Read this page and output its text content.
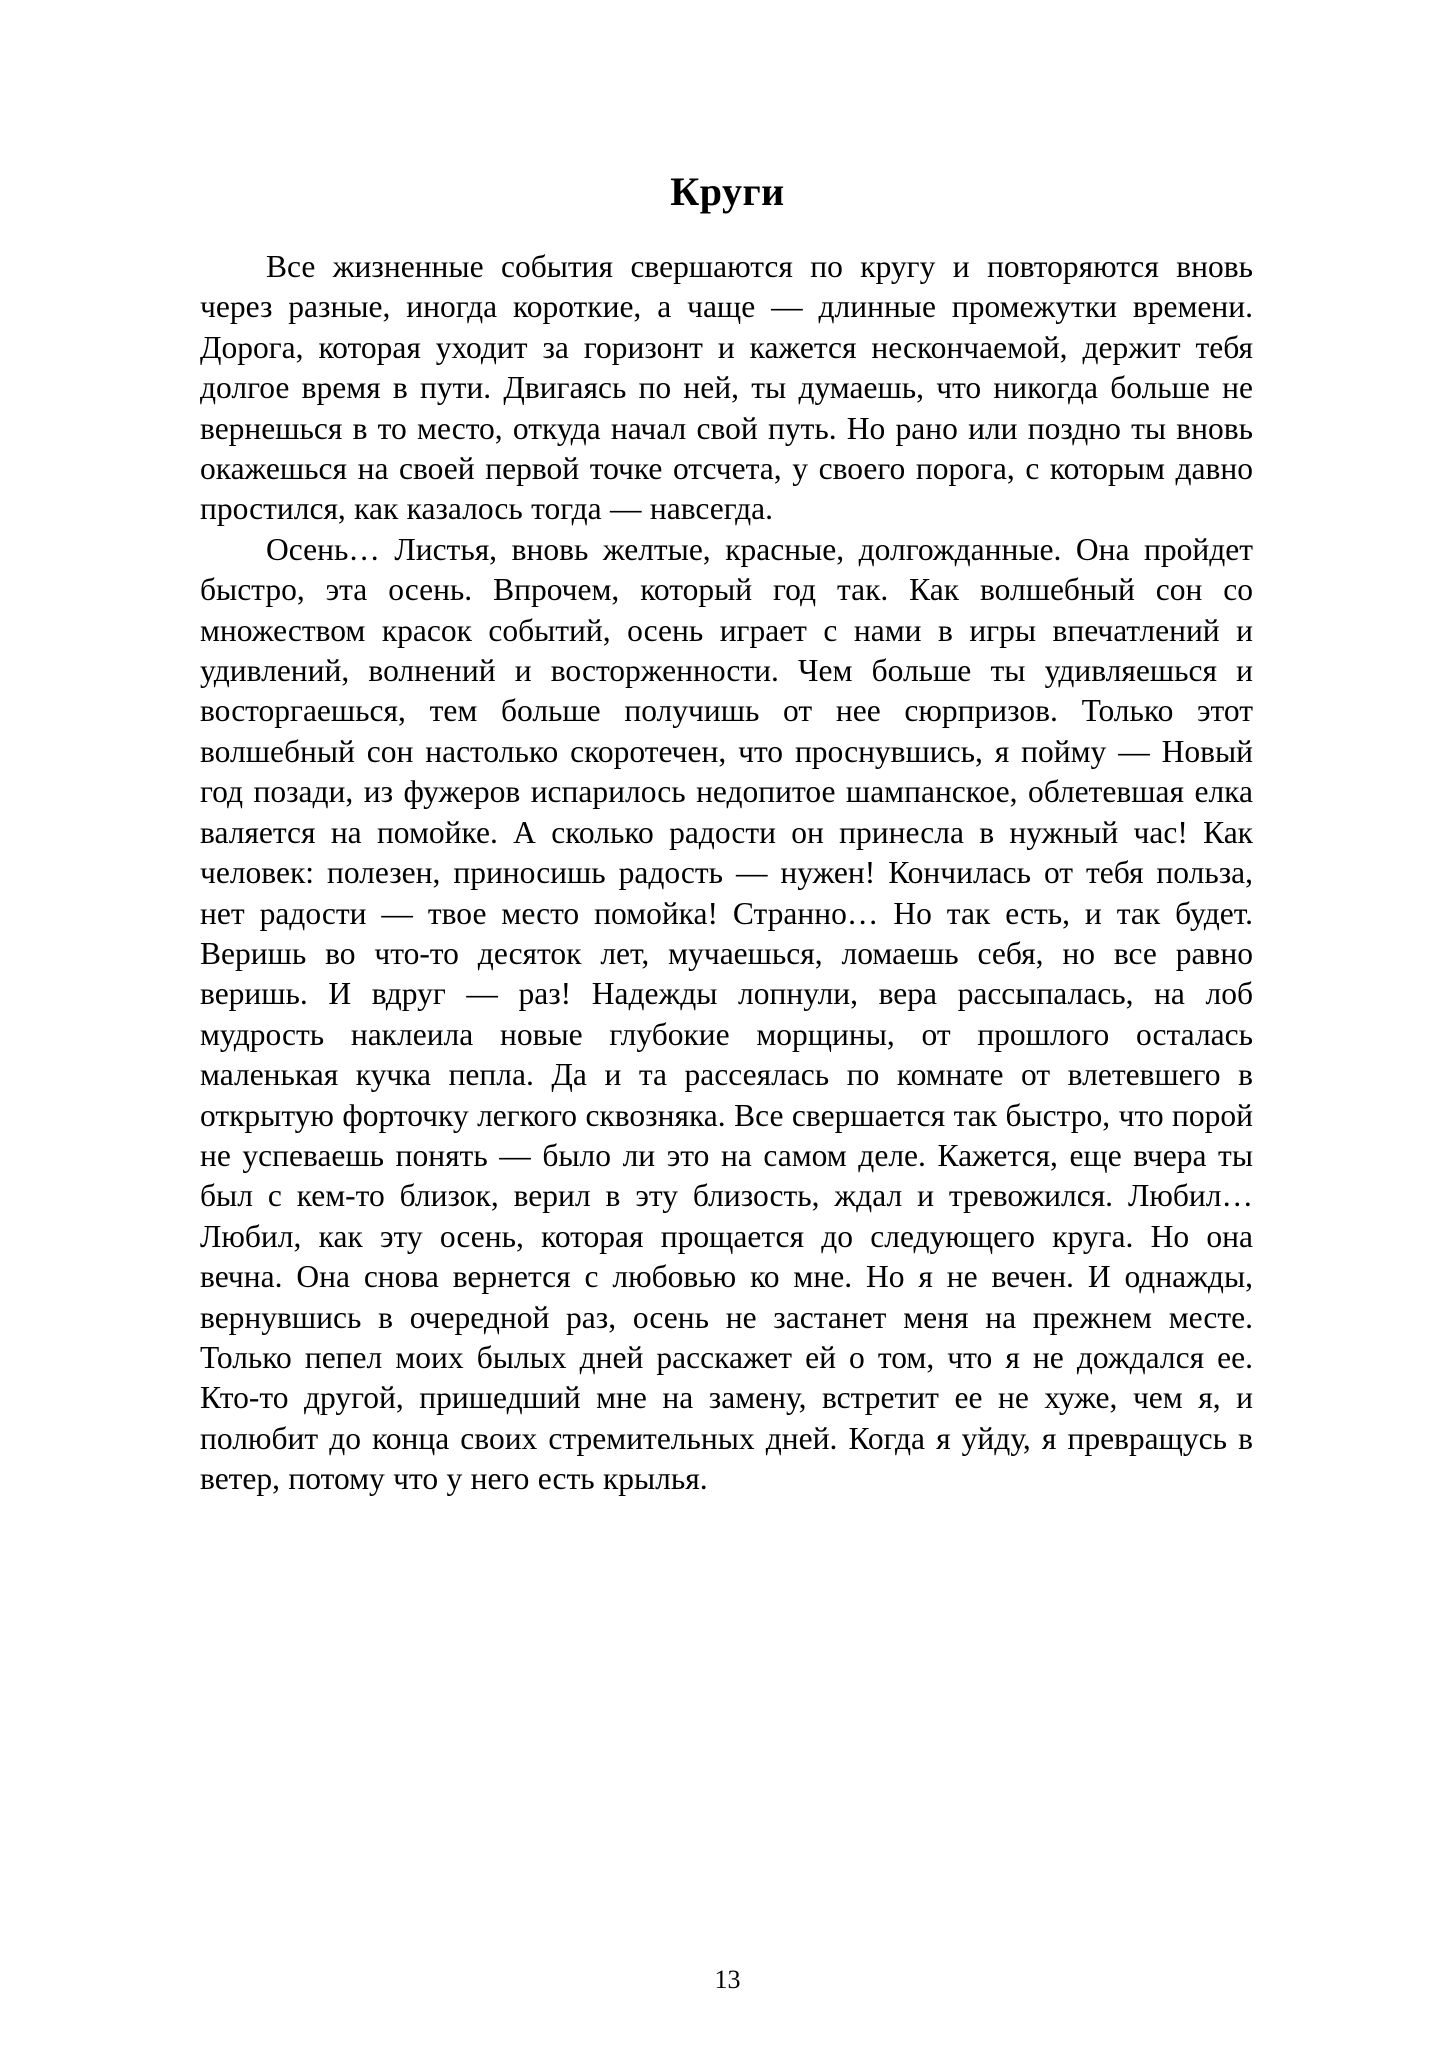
Круги

Все жизненные события свершаются по кругу и повторяются вновь через разные, иногда короткие, а чаще — длинные промежутки времени. Дорога, которая уходит за горизонт и кажется нескончаемой, держит тебя долгое время в пути. Двигаясь по ней, ты думаешь, что никогда больше не вернешься в то место, откуда начал свой путь. Но рано или поздно ты вновь окажешься на своей первой точке отсчета, у своего порога, с которым давно простился, как казалось тогда — навсегда.

Осень… Листья, вновь желтые, красные, долгожданные. Она пройдет быстро, эта осень. Впрочем, который год так. Как волшебный сон со множеством красок событий, осень играет с нами в игры впечатлений и удивлений, волнений и восторженности. Чем больше ты удивляешься и восторгаешься, тем больше получишь от нее сюрпризов. Только этот волшебный сон настолько скоротечен, что проснувшись, я пойму — Новый год позади, из фужеров испарилось недопитое шампанское, облетевшая елка валяется на помойке. А сколько радости он принесла в нужный час! Как человек: полезен, приносишь радость — нужен! Кончилась от тебя польза, нет радости — твое место помойка! Странно… Но так есть, и так будет. Веришь во что-то десяток лет, мучаешься, ломаешь себя, но все равно веришь. И вдруг — раз! Надежды лопнули, вера рассыпалась, на лоб мудрость наклеила новые глубокие морщины, от прошлого осталась маленькая кучка пепла. Да и та рассеялась по комнате от влетевшего в открытую форточку легкого сквозняка. Все свершается так быстро, что порой не успеваешь понять — было ли это на самом деле. Кажется, еще вчера ты был с кем-то близок, верил в эту близость, ждал и тревожился. Любил… Любил, как эту осень, которая прощается до следующего круга. Но она вечна. Она снова вернется с любовью ко мне. Но я не вечен. И однажды, вернувшись в очередной раз, осень не застанет меня на прежнем месте. Только пепел моих былых дней расскажет ей о том, что я не дождался ее. Кто-то другой, пришедший мне на замену, встретит ее не хуже, чем я, и полюбит до конца своих стремительных дней. Когда я уйду, я превращусь в ветер, потому что у него есть крылья.

13
